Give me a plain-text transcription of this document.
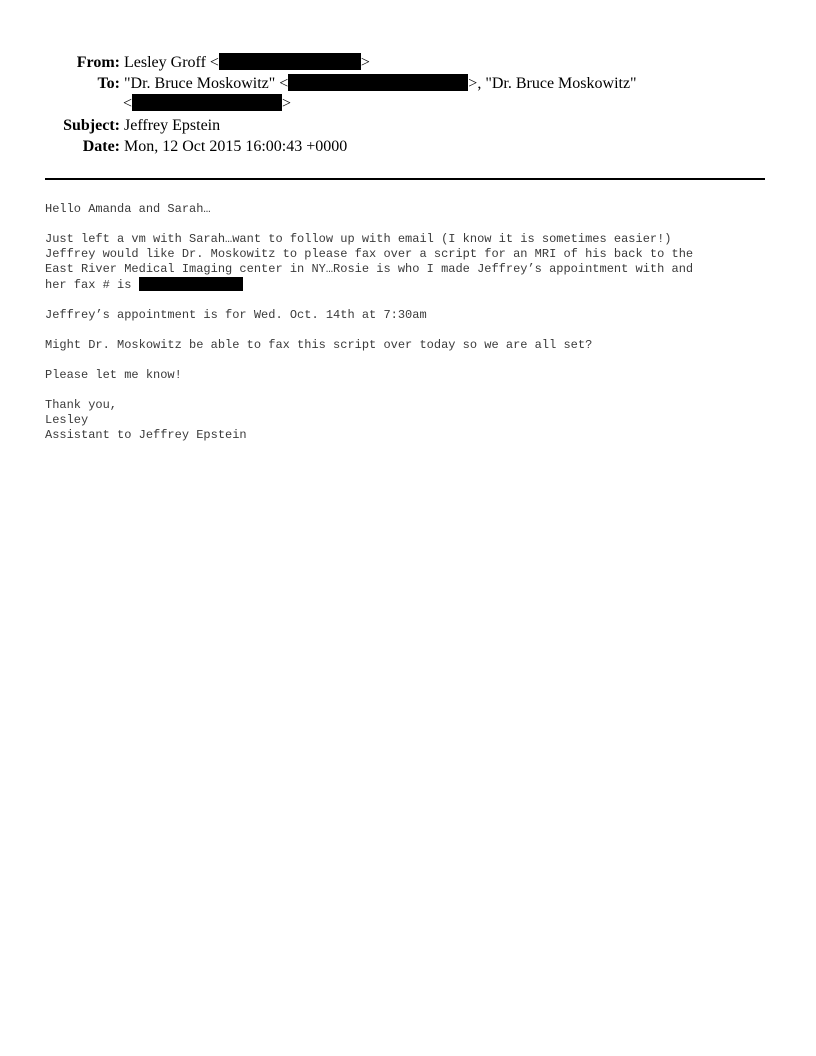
From: Lesley Groff <	>
To: "Dr. Bruce Moskowitz" <	>, "Dr. Bruce Moskowitz"
<	>
Subject: Jeffrey Epstein
Date: Mon, 12 Oct 2015 16:00:43 +0000
Hello Amanda and Sarah…
Just left a vm with Sarah…want to follow up with email (I know it is sometimes easier!)
Jeffrey would like Dr. Moskowitz to please fax over a script for an MRI of his back to the
East River Medical Imaging center in NY…Rosie is who I made Jeffrey’s appointment with and
her fax # is
Jeffrey’s appointment is for Wed. Oct. 14th at 7:30am
Might Dr. Moskowitz be able to fax this script over today so we are all set?
Please let me know!
Thank you,
Lesley
Assistant to Jeffrey Epstein
